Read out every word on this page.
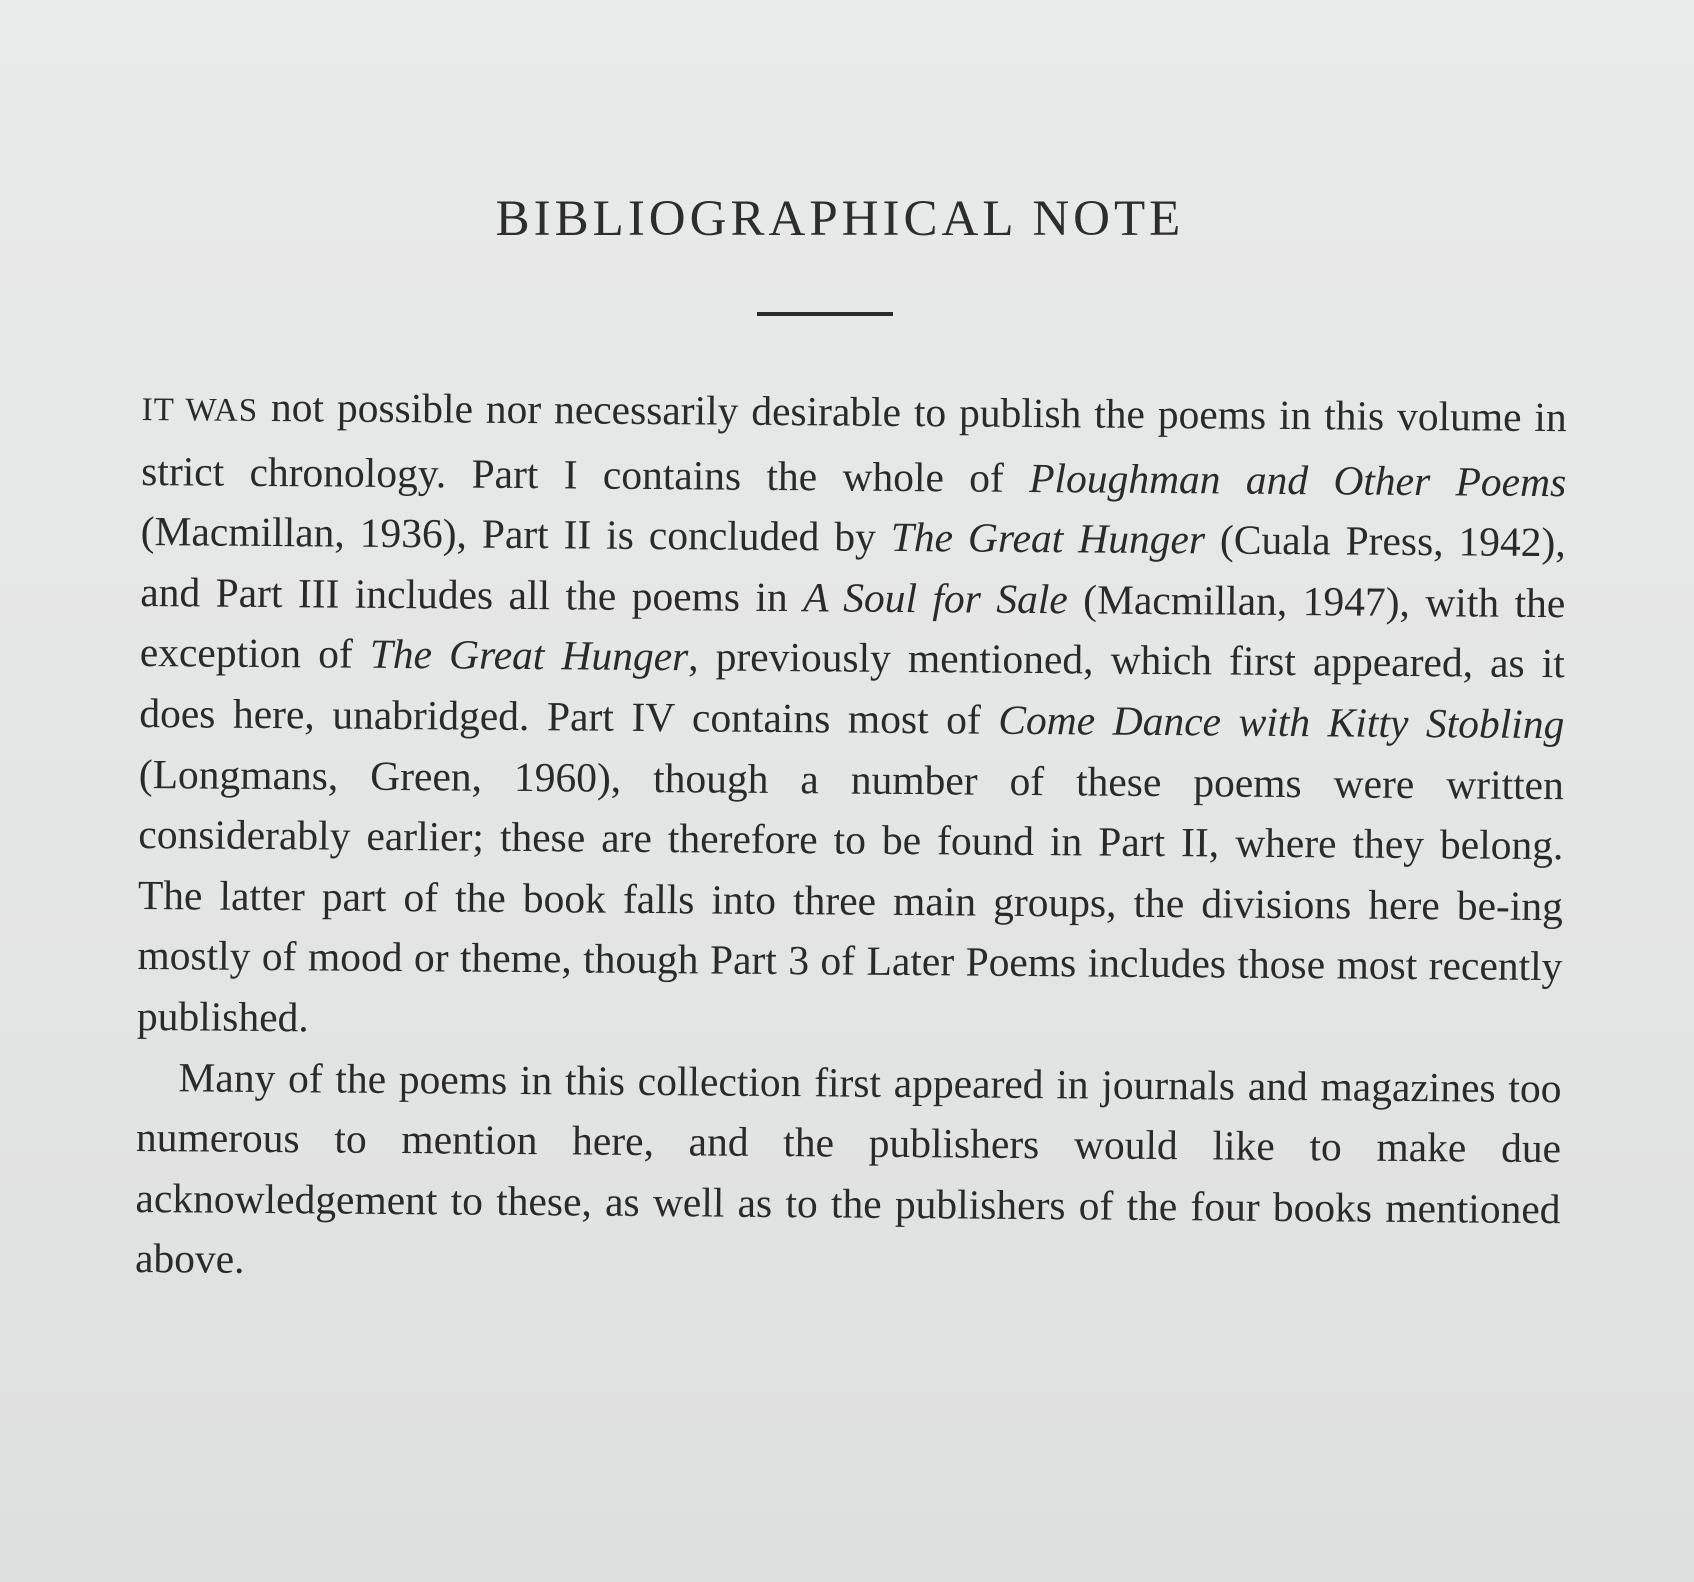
BIBLIOGRAPHICAL NOTE

IT WAS not possible nor necessarily desirable to publish the poems in this volume in strict chronology. Part I contains the whole of Ploughman and Other Poems (Macmillan, 1936), Part II is concluded by The Great Hunger (Cuala Press, 1942), and Part III includes all the poems in A Soul for Sale (Macmillan, 1947), with the exception of The Great Hunger, previously mentioned, which first appeared, as it does here, unabridged. Part IV contains most of Come Dance with Kitty Stobling (Longmans, Green, 1960), though a number of these poems were written considerably earlier; these are therefore to be found in Part II, where they belong. The latter part of the book falls into three main groups, the divisions here be-ing mostly of mood or theme, though Part 3 of Later Poems includes those most recently published.

Many of the poems in this collection first appeared in journals and magazines too numerous to mention here, and the publishers would like to make due acknowledgement to these, as well as to the publishers of the four books mentioned above.
